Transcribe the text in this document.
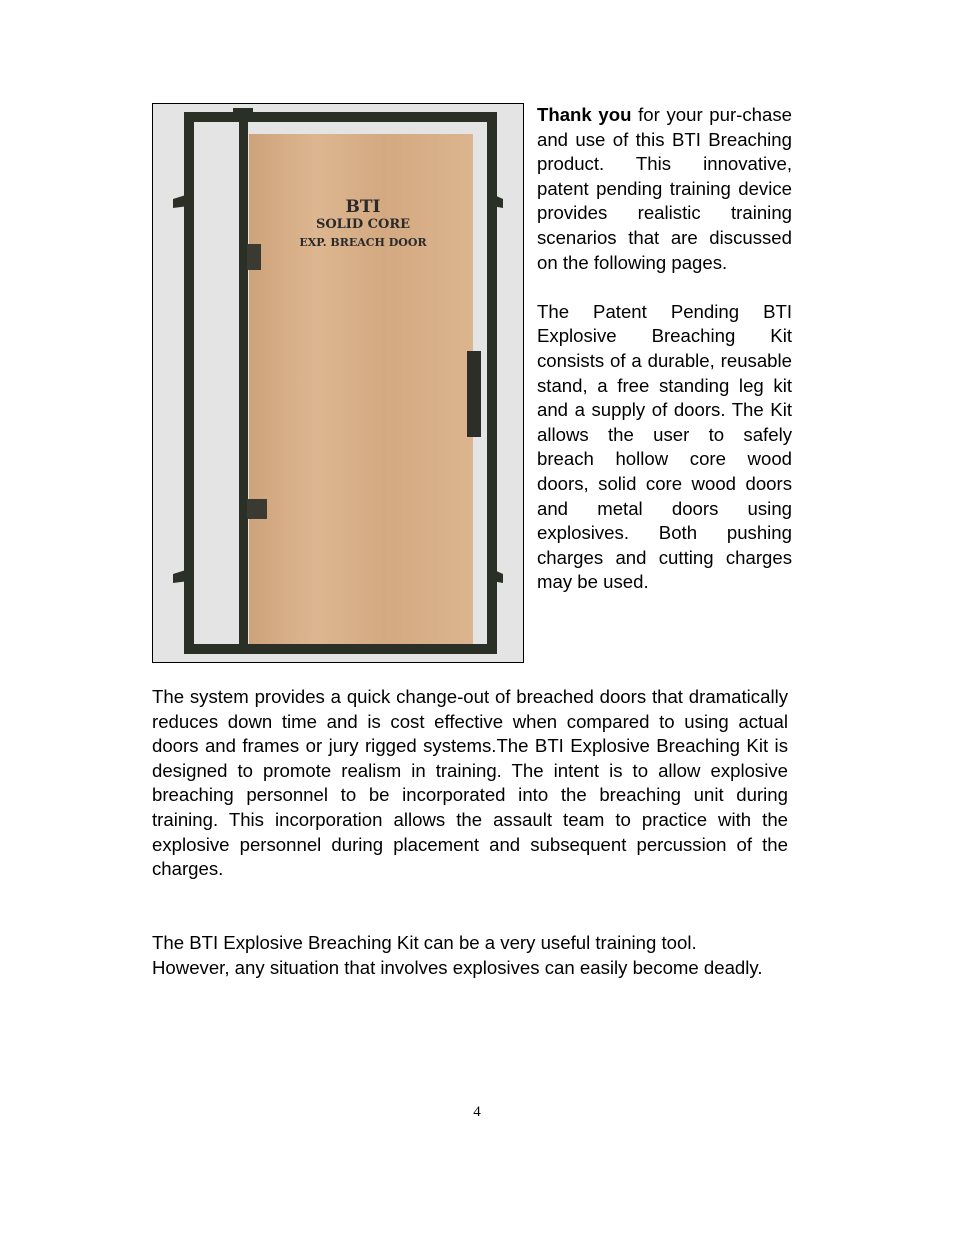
BTI
SOLID CORE
EXP. BREACH DOOR

Thank you for your pur-chase and use of this BTI Breaching product. This innovative, patent pending training device provides realistic training scenarios that are discussed on the following pages.

The Patent Pending BTI Explosive Breaching Kit consists of a durable, reusable stand, a free standing leg kit and a supply of doors. The Kit allows the user to safely breach hollow core wood doors, solid core wood doors and metal doors using explosives. Both pushing charges and cutting charges may be used.

The system provides a quick change-out of breached doors that dramatically reduces down time and is cost effective when compared to using actual doors and frames or jury rigged systems.The BTI Explosive Breaching Kit is designed to promote realism in training. The intent is to allow explosive breaching personnel to be incorporated into the breaching unit during training. This incorporation allows the assault team to practice with the explosive personnel during placement and subsequent percussion of the charges.

The BTI Explosive Breaching Kit can be a very useful training tool. However, any situation that involves explosives can easily become deadly.

4
